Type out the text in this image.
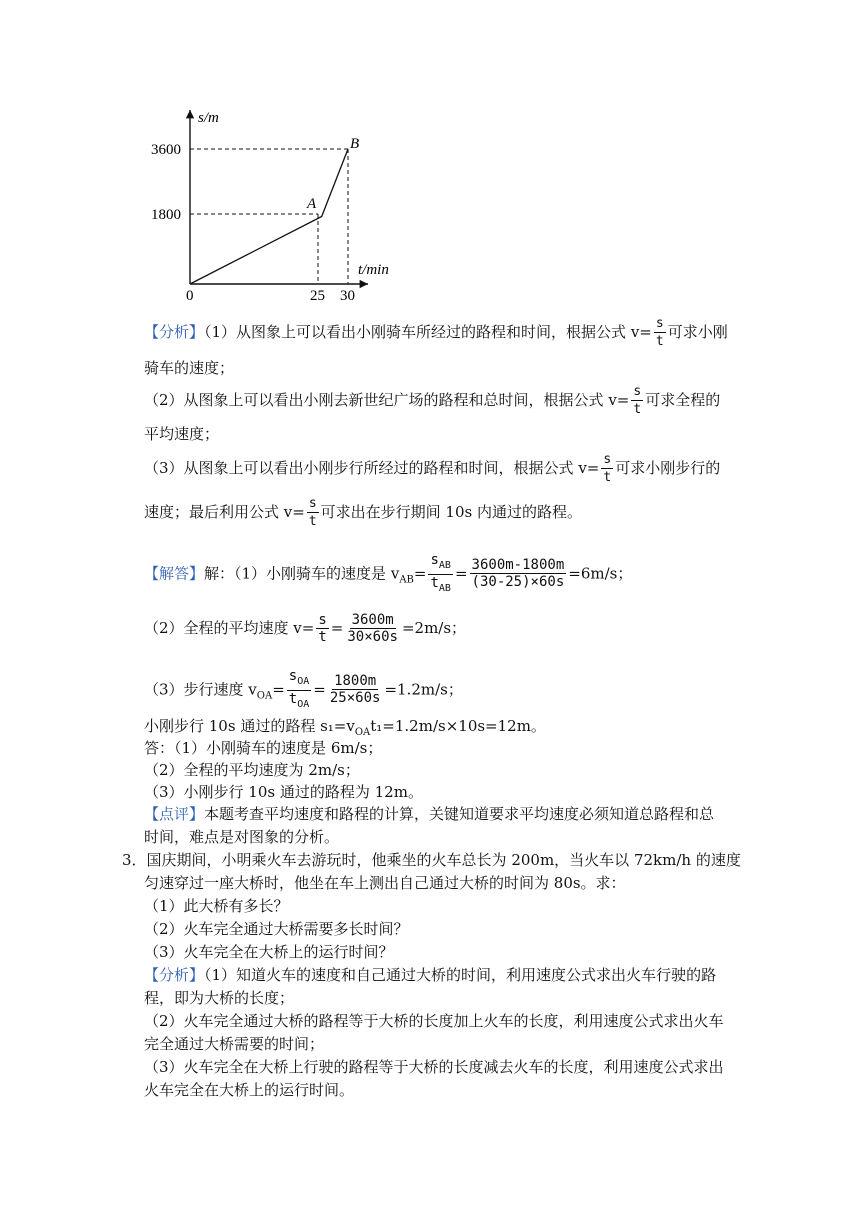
s/m
t/min
3600
1800
0	25 30
A
B
【分析】（1）从图象上可以看出小刚骑车所经过的路程和时间，根据公式 $v= \frac{s}{t}$ 可求小刚
骑车的速度；
（2）从图象上可以看出小刚去新世纪广场的路程和总时间，根据公式 $v= \frac{s}{t}$ 可求全程的
平均速度；
（3）从图象上可以看出小刚步行所经过的路程和时间，根据公式 $v= \frac{s}{t}$ 可求小刚步行的
速度；最后利用公式 $v= \frac{s}{t}$ 可求出在步行期间 10s 内通过的路程。
【解答】解：（1）小刚骑车的速度是 $v_{AB}= \frac{s_{AB}}{t_{AB}} = \frac{3600m-1800m}{(30-25)\times 60s} =6m/s$；
（2）全程的平均速度 $v= \frac{s}{t} = \frac{3600m}{30\times 60s} =2m/s$；
（3）步行速度 $v_{OA}= \frac{s_{OA}}{t_{OA}} = \frac{1800m}{25\times 60s} =1.2m/s$；
小刚步行 10s 通过的路程 $s_1=v_{OA}t_1=1.2m/s\times 10s=12m$。
答：（1）小刚骑车的速度是 6m/s；
（2）全程的平均速度为 2m/s；
（3）小刚步行 10s 通过的路程为 12m。
【点评】本题考查平均速度和路程的计算，关键知道要求平均速度必须知道总路程和总
时间，难点是对图象的分析。
3．国庆期间，小明乘火车去游玩时，他乘坐的火车总长为 200m，当火车以 72km/h 的速度
匀速穿过一座大桥时，他坐在车上测出自己通过大桥的时间为 80s。求：
（1）此大桥有多长？
（2）火车完全通过大桥需要多长时间？
（3）火车完全在大桥上的运行时间？
【分析】（1）知道火车的速度和自己通过大桥的时间，利用速度公式求出火车行驶的路
程，即为大桥的长度；
（2）火车完全通过大桥的路程等于大桥的长度加上火车的长度，利用速度公式求出火车
完全通过大桥需要的时间；
（3）火车完全在大桥上行驶的路程等于大桥的长度减去火车的长度，利用速度公式求出
火车完全在大桥上的运行时间。
